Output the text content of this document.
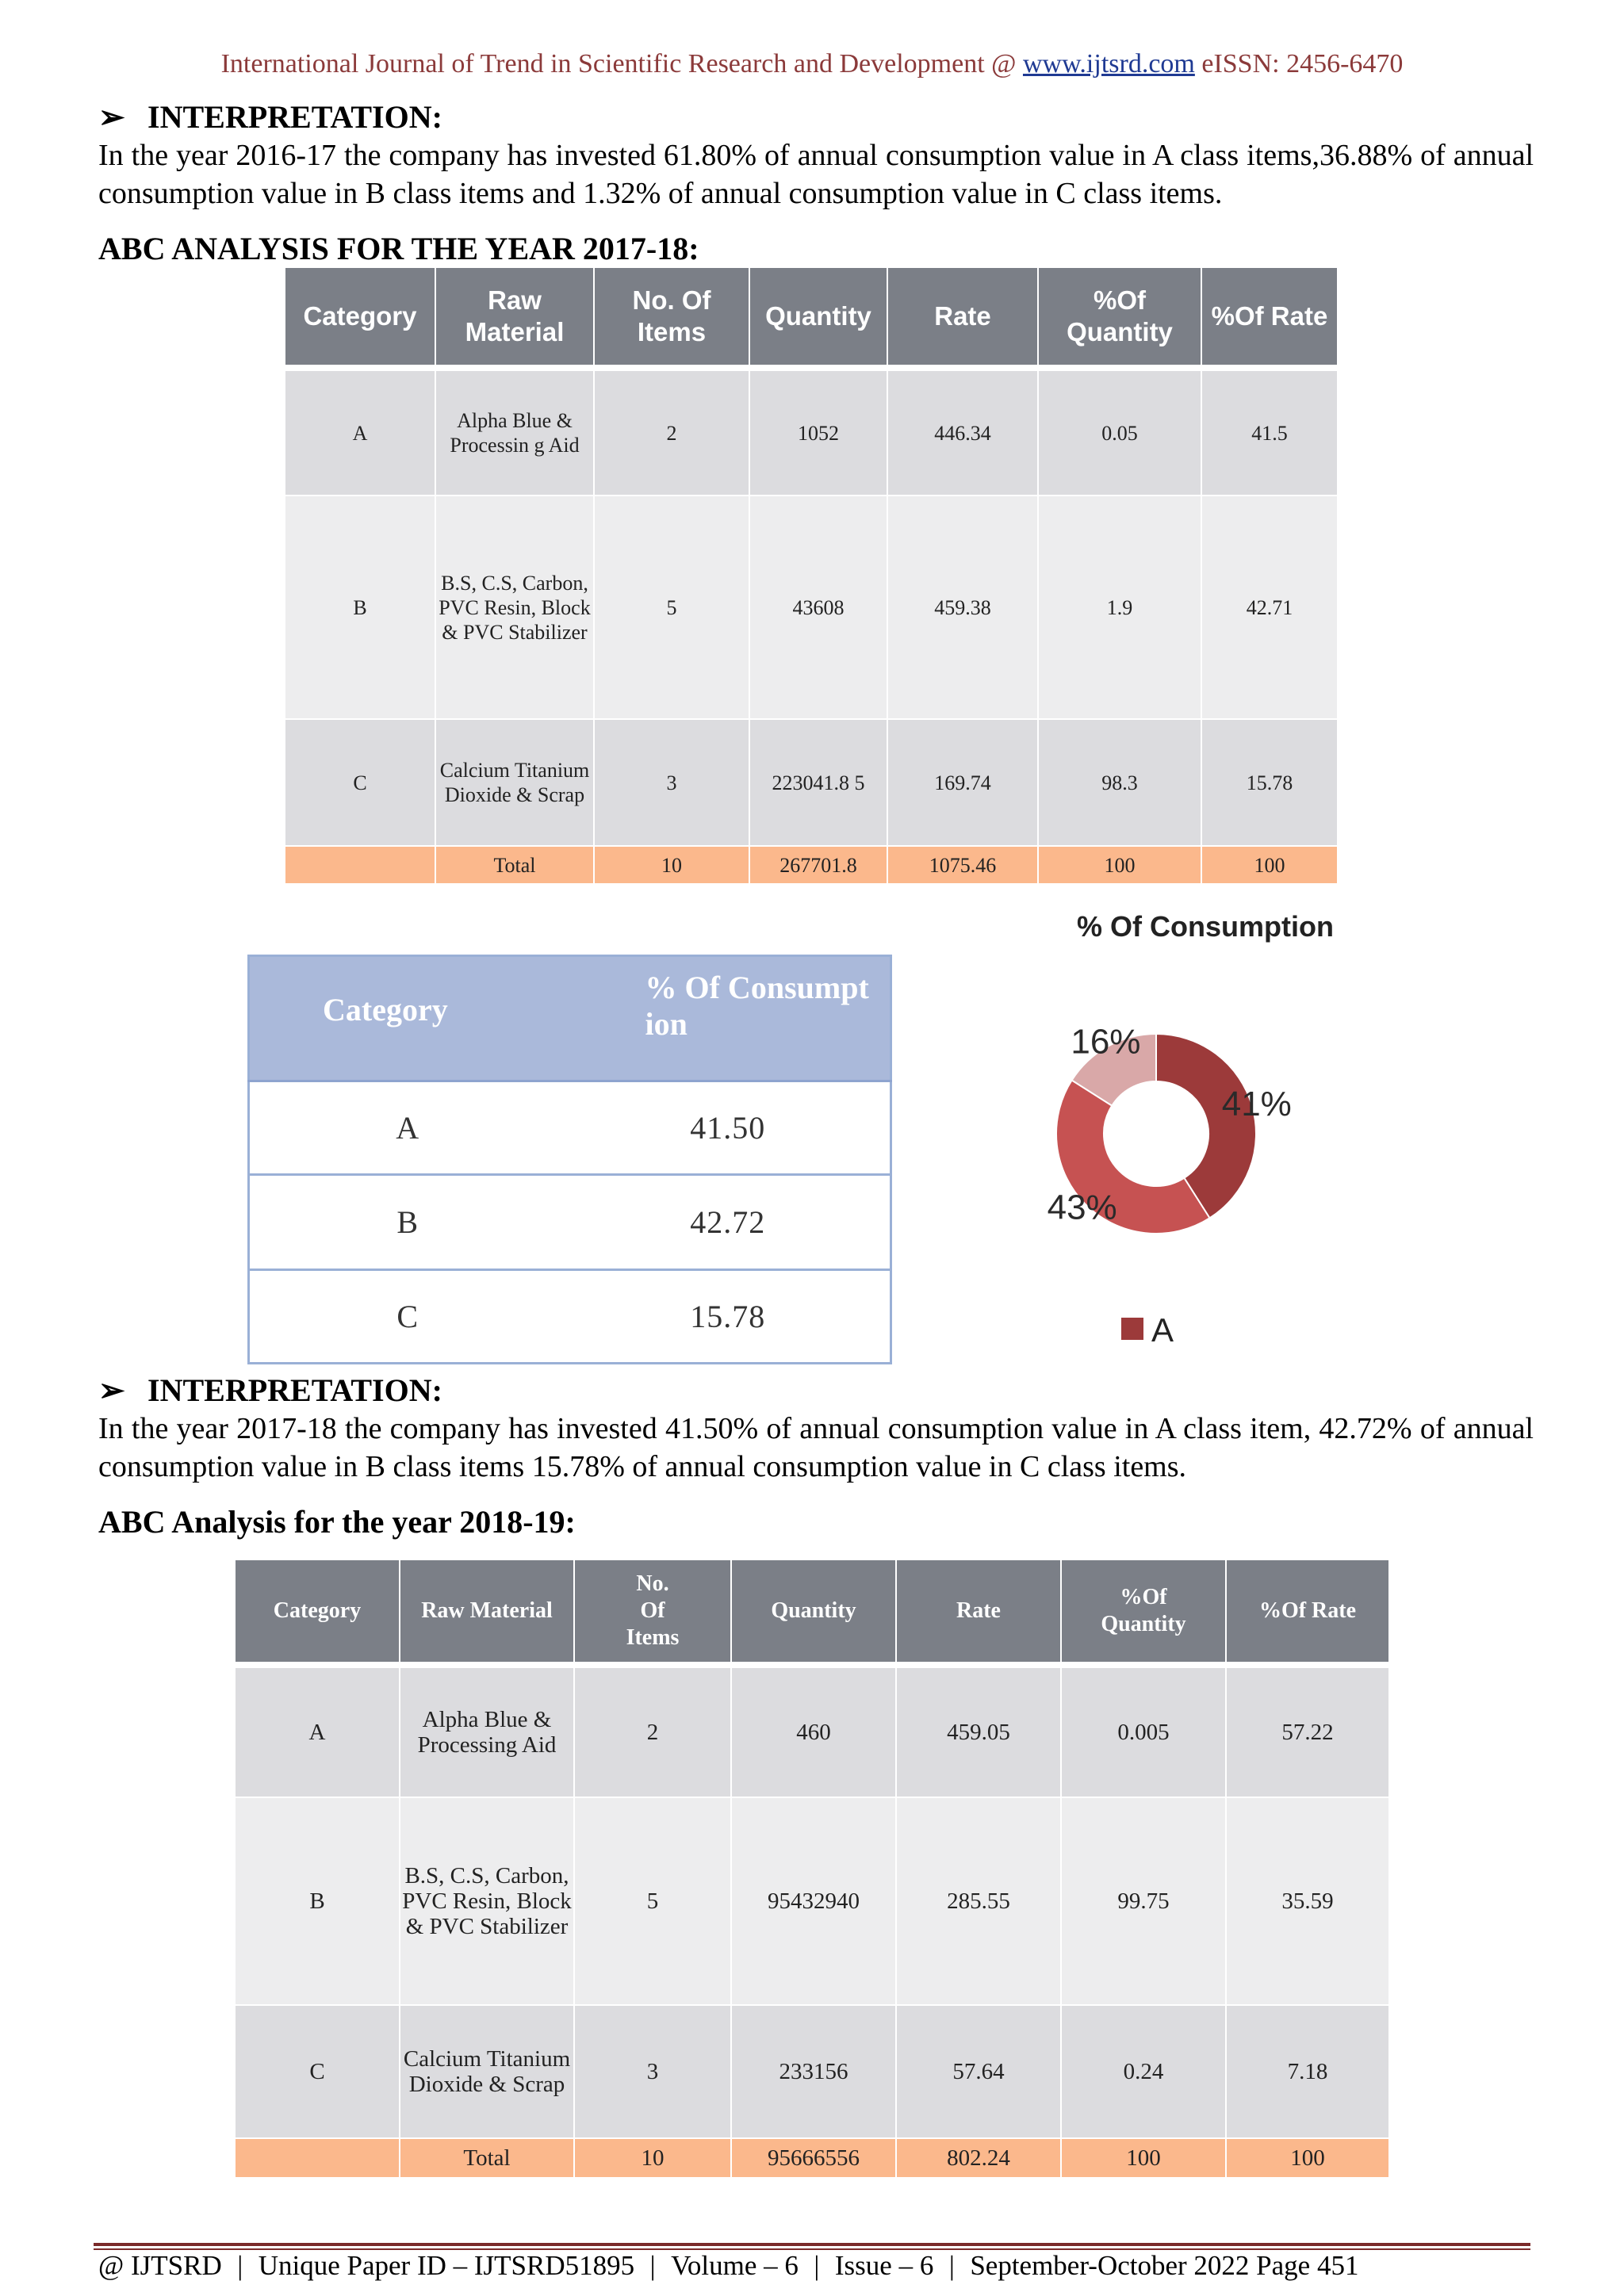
International Journal of Trend in Scientific Research and Development @ www.ijtsrd.com eISSN: 2456-6470
➢ INTERPRETATION:
In the year 2016-17 the company has invested 61.80% of annual consumption value in A class items,36.88% of annual consumption value in B class items and 1.32% of annual consumption value in C class items.
ABC ANALYSIS FOR THE YEAR 2017-18:
Category	Raw Material	No. Of Items	Quantity	Rate	%Of Quantity	%Of Rate

A	Alpha Blue & Processin g Aid	2	1052	446.34	0.05	41.5
B	B.S, C.S, Carbon, PVC Resin, Block & PVC Stabilizer	5	43608	459.38	1.9	42.71
C	Calcium Titanium Dioxide & Scrap	3	223041.8 5	169.74	98.3	15.78
	Total	10	267701.8	1075.46	100	100
Category	% Of Consumpt ion
A	41.50
B	42.72
C	15.78
% Of Consumption
41%
43%
16%
A
➢ INTERPRETATION:
In the year 2017-18 the company has invested 41.50% of annual consumption value in A class item, 42.72% of annual consumption value in B class items 15.78% of annual consumption value in C class items.
ABC Analysis for the year 2018-19:
Category	Raw Material	No. Of Items	Quantity	Rate	%Of Quantity	%Of Rate

A	Alpha Blue & Processing Aid	2	460	459.05	0.005	57.22
B	B.S, C.S, Carbon, PVC Resin, Block & PVC Stabilizer	5	95432940	285.55	99.75	35.59
C	Calcium Titanium Dioxide & Scrap	3	233156	57.64	0.24	7.18
	Total	10	95666556	802.24	100	100
@ IJTSRD | Unique Paper ID – IJTSRD51895 | Volume – 6 | Issue – 6 | September-October 2022 Page 451
